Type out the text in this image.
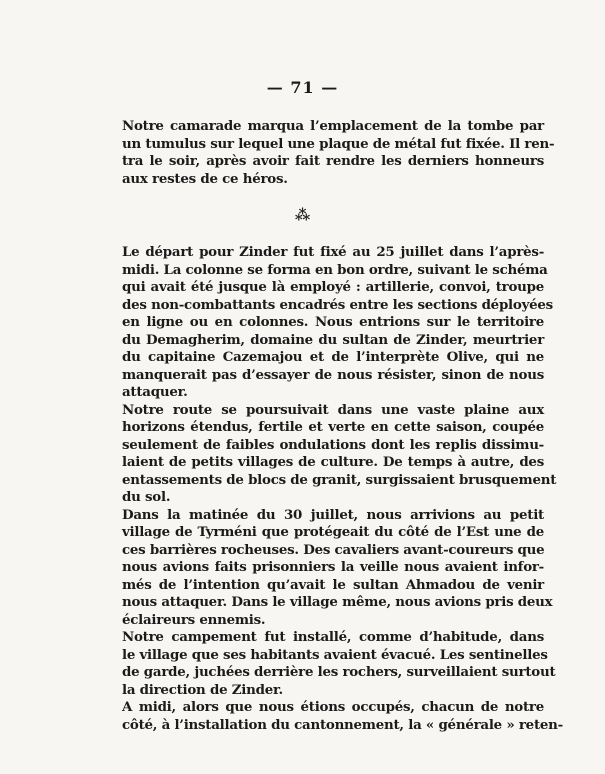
— 71 —

Notre camarade marqua l’emplacement de la tombe par
un tumulus sur lequel une plaque de métal fut fixée. Il ren-
tra le soir, après avoir fait rendre les derniers honneurs
aux restes de ce héros.

⁂

Le départ pour Zinder fut fixé au 25 juillet dans l’après-
midi. La colonne se forma en bon ordre, suivant le schéma
qui avait été jusque là employé : artillerie, convoi, troupe
des non-combattants encadrés entre les sections déployées
en ligne ou en colonnes. Nous entrions sur le territoire
du Demagherim, domaine du sultan de Zinder, meurtrier
du capitaine Cazemajou et de l’interprète Olive, qui ne
manquerait pas d’essayer de nous résister, sinon de nous
attaquer.

Notre route se poursuivait dans une vaste plaine aux
horizons étendus, fertile et verte en cette saison, coupée
seulement de faibles ondulations dont les replis dissimu-
laient de petits villages de culture. De temps à autre, des
entassements de blocs de granit, surgissaient brusquement
du sol.

Dans la matinée du 30 juillet, nous arrivions au petit
village de Tyrméni que protégeait du côté de l’Est une de
ces barrières rocheuses. Des cavaliers avant-coureurs que
nous avions faits prisonniers la veille nous avaient infor-
més de l’intention qu’avait le sultan Ahmadou de venir
nous attaquer. Dans le village même, nous avions pris deux
éclaireurs ennemis.

Notre campement fut installé, comme d’habitude, dans
le village que ses habitants avaient évacué. Les sentinelles
de garde, juchées derrière les rochers, surveillaient surtout
la direction de Zinder.

A midi, alors que nous étions occupés, chacun de notre
côté, à l’installation du cantonnement, la « générale » reten-
